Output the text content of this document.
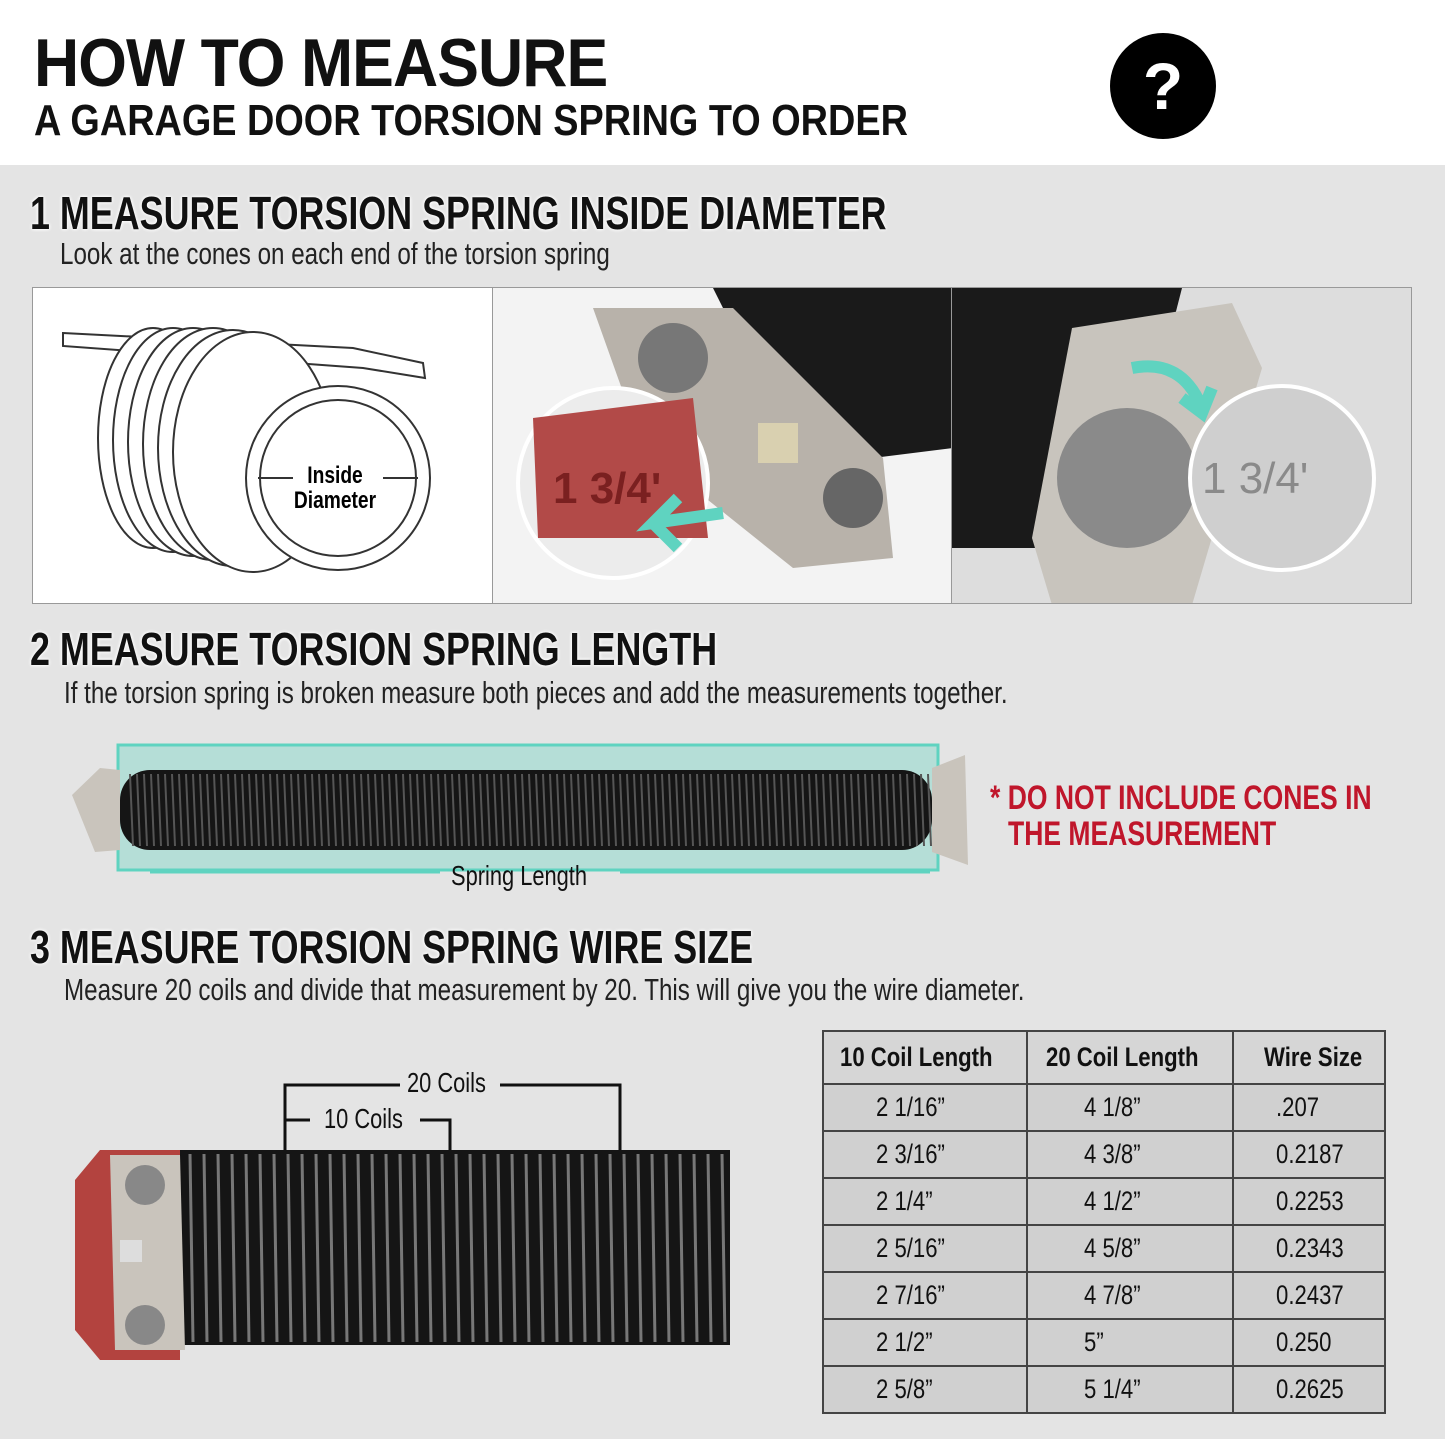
HOW TO MEASURE
A GARAGE DOOR TORSION SPRING TO ORDER	?
1 MEASURE TORSION SPRING INSIDE DIAMETER
Look at the cones on each end of the torsion spring
Inside
Diameter	1 3/4'	1 3/4'
2 MEASURE TORSION SPRING LENGTH
If the torsion spring is broken measure both pieces and add the measurements together.
Spring Length
* DO NOT INCLUDE CONES IN
THE MEASUREMENT
3 MEASURE TORSION SPRING WIRE SIZE
Measure 20 coils and divide that measurement by 20. This will give you the wire diameter.
20 Coils
10 Coils
10 Coil Length	20 Coil Length	Wire Size
2 1/16”	4 1/8”	.207
2 3/16”	4 3/8”	0.2187
2 1/4”	4 1/2”	0.2253
2 5/16”	4 5/8”	0.2343
2 7/16”	4 7/8”	0.2437
2 1/2”	5”	0.250
2 5/8”	5 1/4”	0.2625
